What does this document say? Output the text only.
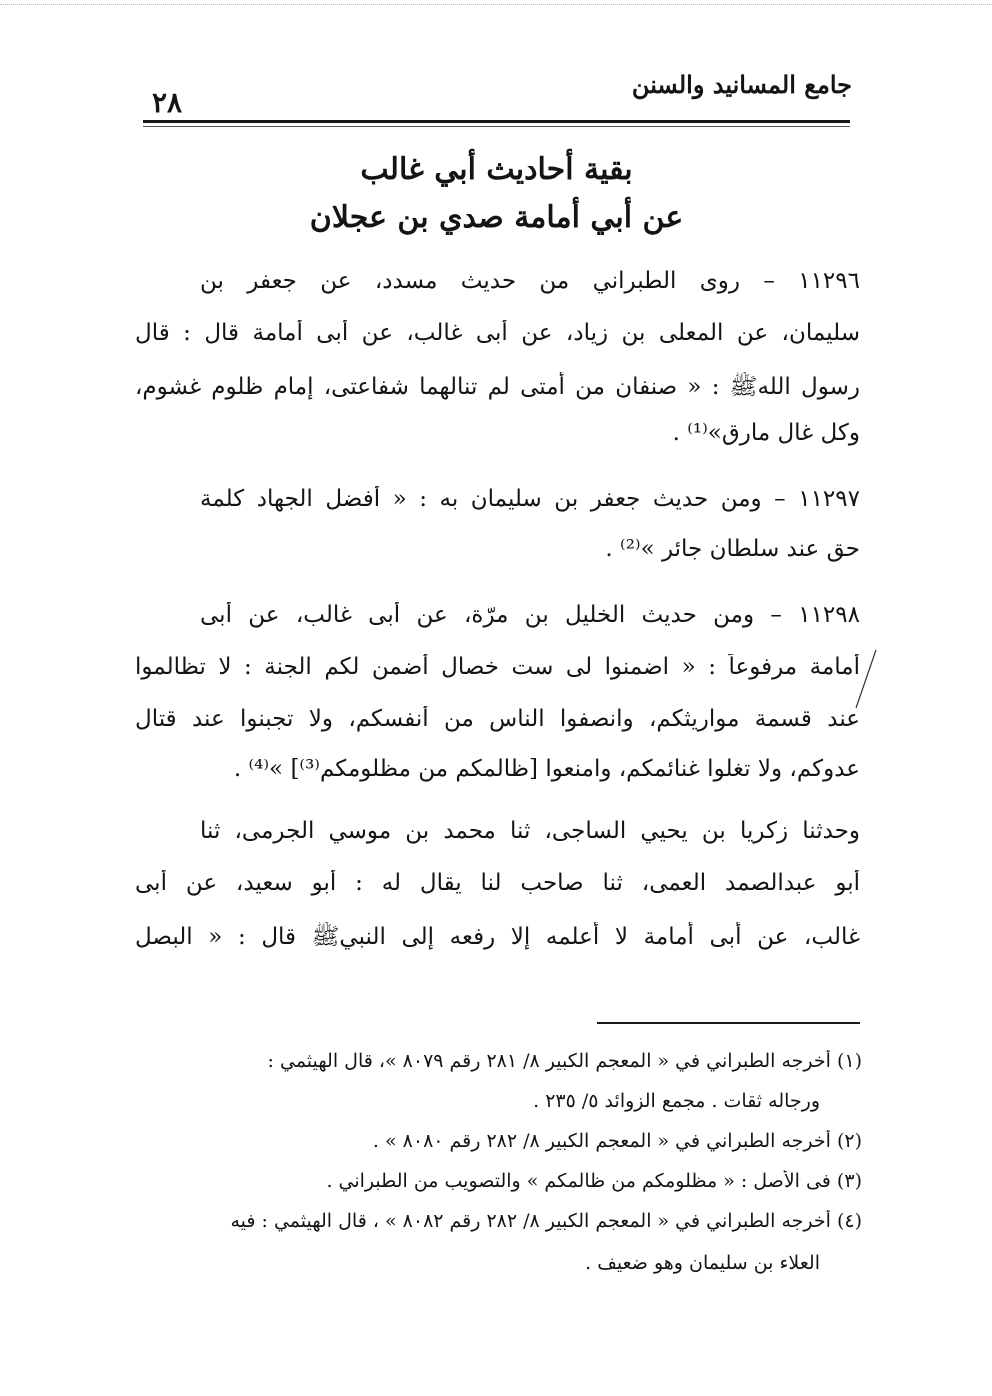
جامع المسانيد والسنن
٢٨
بقية أحاديث أبي غالب
عن أبي أمامة صدي بن عجلان
١١٢٩٦ – روى الطبراني من حديث مسدد، عن جعفر بن
سليمان، عن المعلى بن زياد، عن أبى غالب، عن أبى أمامة قال : قال
رسول اللهﷺ : « صنفان من أمتى لم تنالهما شفاعتى، إمام ظلوم غشوم،
وكل غال مارق»⁽¹⁾ .
١١٢٩٧ – ومن حديث جعفر بن سليمان به : « أفضل الجهاد كلمة
حق عند سلطان جائر »⁽²⁾ .
١١٢٩٨ – ومن حديث الخليل بن مرّة، عن أبى غالب، عن أبى
أمامة مرفوعاً : « اضمنوا لى ست خصال أضمن لكم الجنة : لا تظالموا
عند قسمة مواريثكم، وانصفوا الناس من أنفسكم، ولا تجبنوا عند قتال
عدوكم، ولا تغلوا غنائمكم، وامنعوا [ظالمكم من مظلومكم⁽³⁾] »⁽⁴⁾ .
وحدثنا زكريا بن يحيي الساجى، ثنا محمد بن موسي الجرمى، ثنا
أبو عبدالصمد العمى، ثنا صاحب لنا يقال له : أبو سعيد، عن أبى
غالب، عن أبى أمامة لا أعلمه إلا رفعه إلى النبيﷺ قال : « البصل
(١) أخرجه الطبراني في « المعجم الكبير ٨/ ٢٨١ رقم ٨٠٧٩ »، قال الهيثمي :
ورجاله ثقات . مجمع الزوائد ٥/ ٢٣٥ .
(٢) أخرجه الطبراني في « المعجم الكبير ٨/ ٢٨٢ رقم ٨٠٨٠ » .
(٣) فى الأصل : « مظلومكم من ظالمكم » والتصويب من الطبراني .
(٤) أخرجه الطبراني في « المعجم الكبير ٨/ ٢٨٢ رقم ٨٠٨٢ » ، قال الهيثمي : فيه
العلاء بن سليمان وهو ضعيف .
